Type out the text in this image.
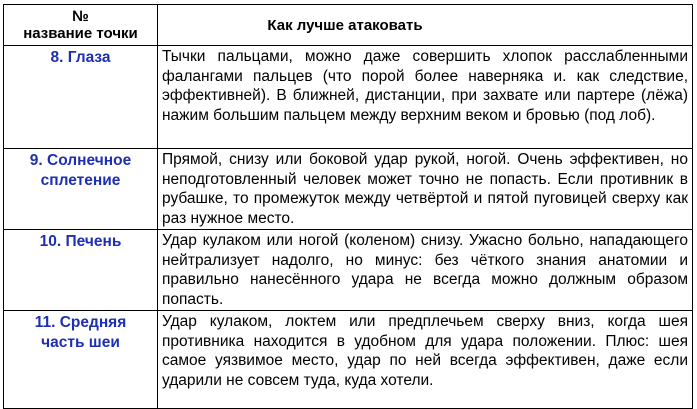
№
название точки	Как лучше атаковать

8. Глаза	Тычки пальцами, можно даже совершить хлопок расслабленными фалангами пальцев (что порой более наверняка и. как следствие, эффективней). В ближней, дистанции, при захвате или партере (лёжа) нажим большим пальцем между верхним веком и бровью (под лоб).

9. Солнечное
сплетение	Прямой, снизу или боковой удар рукой, ногой. Очень эффективен, но неподготовленный человек может точно не попасть. Если противник в рубашке, то промежуток между четвёртой и пятой пуговицей сверху как раз нужное место.

10. Печень	Удар кулаком или ногой (коленом) снизу. Ужасно больно, нападающего нейтрализует надолго, но минус: без чёткого знания анатомии и правильно нанесённого удара не всегда можно должным образом попасть.

11. Средняя
часть шеи	Удар кулаком, локтем или предплечьем сверху вниз, когда шея противника находится в удобном для удара положении. Плюс: шея самое уязвимое место, удар по ней всегда эффективен, даже если ударили не совсем туда, куда хотели.
